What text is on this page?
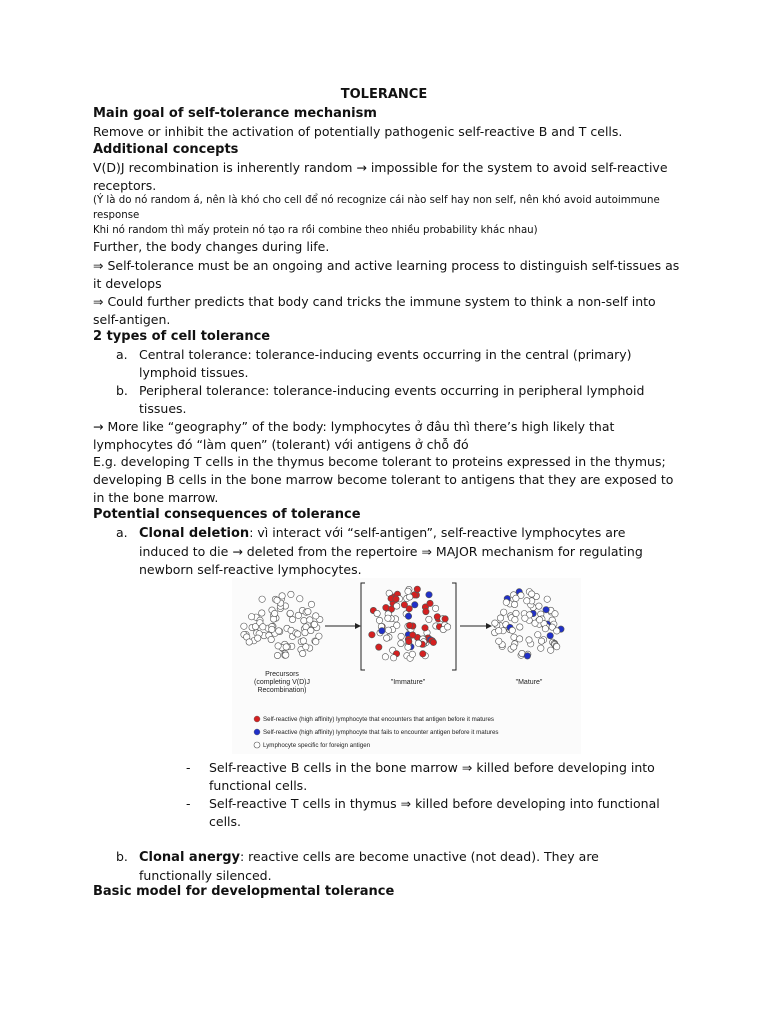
TOLERANCE
Main goal of self-tolerance mechanism
Remove or inhibit the activation of potentially pathogenic self-reactive B and T cells.
Additional concepts
V(D)J recombination is inherently random → impossible for the system to avoid self-reactive receptors.
(Ý là do nó random á, nên là khó cho cell để nó recognize cái nào self hay non self, nên khó avoid autoimmune response
Khi nó random thì mấy protein nó tạo ra rồi combine theo nhiều probability khác nhau)
Further, the body changes during life.
⇒ Self-tolerance must be an ongoing and active learning process to distinguish self-tissues as it develops
⇒ Could further predicts that body cand tricks the immune system to think a non-self into self-antigen.
2 types of cell tolerance
a. Central tolerance: tolerance-inducing events occurring in the central (primary) lymphoid tissues.
b. Peripheral tolerance: tolerance-inducing events occurring in peripheral lymphoid tissues.
→ More like “geography” of the body: lymphocytes ở đâu thì there’s high likely that lymphocytes đó “làm quen” (tolerant) với antigens ở chỗ đó
E.g. developing T cells in the thymus become tolerant to proteins expressed in the thymus; developing B cells in the bone marrow become tolerant to antigens that they are exposed to in the bone marrow.
Potential consequences of tolerance
a. Clonal deletion: vì interact với “self-antigen”, self-reactive lymphocytes are induced to die → deleted from the repertoire ⇒ MAJOR mechanism for regulating newborn self-reactive lymphocytes.
Precursors
(completing V(D)J
Recombination)
"Immature"	"Mature"
Self-reactive (high affinity) lymphocyte that encounters that antigen before it matures
Self-reactive (high affinity) lymphocyte that fails to encounter antigen before it matures
Lymphocyte specific for foreign antigen
- Self-reactive B cells in the bone marrow ⇒ killed before developing into functional cells.
- Self-reactive T cells in thymus ⇒ killed before developing into functional cells.
b. Clonal anergy: reactive cells are become unactive (not dead). They are functionally silenced.
Basic model for developmental tolerance
